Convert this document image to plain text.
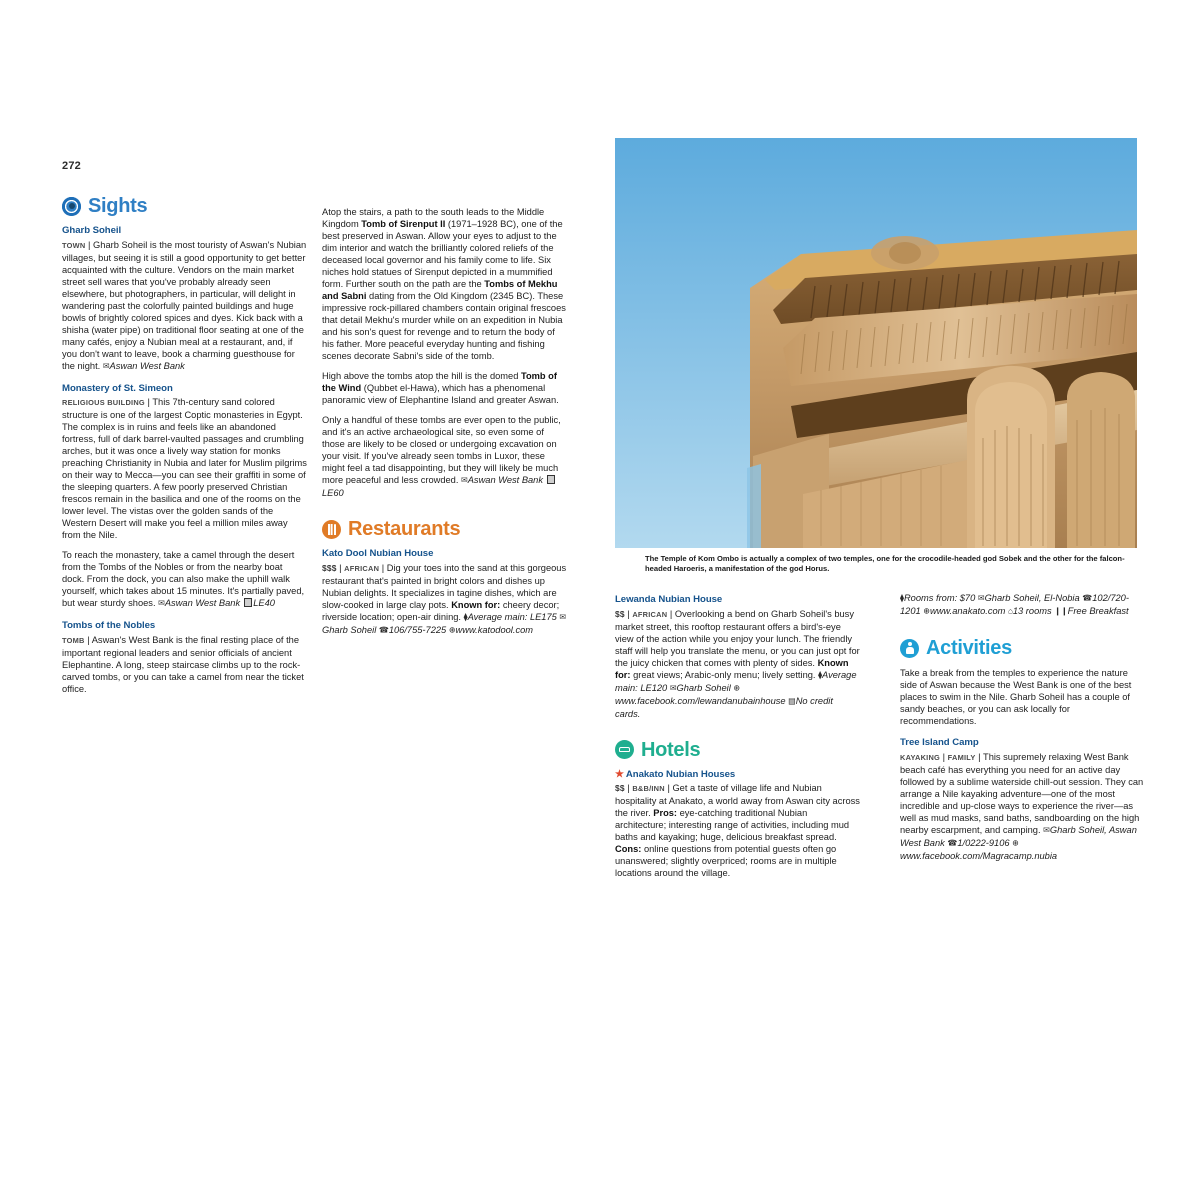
272
The Temple of Kom Ombo is actually a complex of two temples, one for the crocodile-headed god Sobek and the other for the falcon-headed Haroeris, a manifestation of the god Horus.
Sights
Gharb Soheil

TOWN | Gharb Soheil is the most touristy of Aswan's Nubian villages, but seeing it is still a good opportunity to get better acquainted with the culture. Vendors on the main market street sell wares that you've probably already seen elsewhere, but photographers, in particular, will delight in wandering past the colorfully painted buildings and huge bowls of brightly colored spices and dyes. Kick back with a shisha (water pipe) on traditional floor seating at one of the many cafés, enjoy a Nubian meal at a restaurant, and, if you don't want to leave, book a charming guesthouse for the night. ✉Aswan West Bank

Monastery of St. Simeon

RELIGIOUS BUILDING | This 7th-century sand colored structure is one of the largest Coptic monasteries in Egypt. The complex is in ruins and feels like an abandoned fortress, full of dark barrel-vaulted passages and crumbling arches, but it was once a lively way station for monks preaching Christianity in Nubia and later for Muslim pilgrims on their way to Mecca—you can see their graffiti in some of the sleeping quarters. A few poorly preserved Christian frescos remain in the basilica and one of the rooms on the lower level. The vistas over the golden sands of the Western Desert will make you feel a million miles away from the Nile.

To reach the monastery, take a camel through the desert from the Tombs of the Nobles or from the nearby boat dock. From the dock, you can also make the uphill walk yourself, which takes about 15 minutes. It's partially paved, but wear sturdy shoes. ✉Aswan West Bank LE40

Tombs of the Nobles

TOMB | Aswan's West Bank is the final resting place of the important regional leaders and senior officials of ancient Elephantine. A long, steep staircase climbs up to the rock-carved tombs, or you can take a camel from near the ticket office.

Atop the stairs, a path to the south leads to the Middle Kingdom Tomb of Sirenput II (1971–1928 BC), one of the best preserved in Aswan. Allow your eyes to adjust to the dim interior and watch the brilliantly colored reliefs of the deceased local governor and his family come to life. Six niches hold statues of Sirenput depicted in a mummified form. Further south on the path are the Tombs of Mekhu and Sabni dating from the Old Kingdom (2345 BC). These impressive rock-pillared chambers contain original frescoes that detail Mekhu's murder while on an expedition in Nubia and his son's quest for revenge and to return the body of his father. More peaceful everyday hunting and fishing scenes decorate Sabni's side of the tomb.

High above the tombs atop the hill is the domed Tomb of the Wind (Qubbet el-Hawa), which has a phenomenal panoramic view of Elephantine Island and greater Aswan.

Only a handful of these tombs are ever open to the public, and it's an active archaeological site, so even some of those are likely to be closed or undergoing excavation on your visit. If you've already seen tombs in Luxor, these might feel a tad disappointing, but they will likely be much more peaceful and less crowded. ✉Aswan West Bank LE60

Restaurants
Kato Dool Nubian House

$$$ | AFRICAN | Dig your toes into the sand at this gorgeous restaurant that's painted in bright colors and dishes up Nubian delights. It specializes in tagine dishes, which are slow-cooked in large clay pots. Known for: cheery decor; riverside location; open-air dining. ⧫Average main: LE175 ✉Gharb Soheil ☎106/755-7225 ⊕www.katodool.com

Lewanda Nubian House

$$ | AFRICAN | Overlooking a bend on Gharb Soheil's busy market street, this rooftop restaurant offers a bird's-eye view of the action while you enjoy your lunch. The friendly staff will help you translate the menu, or you can just opt for the juicy chicken that comes with plenty of sides. Known for: great views; Arabic-only menu; lively setting. ⧫Average main: LE120 ✉Gharb Soheil ⊕www.facebook.com/lewandanubainhouse ▤No credit cards.

Hotels
★ Anakato Nubian Houses

$$ | B&B/INN | Get a taste of village life and Nubian hospitality at Anakato, a world away from Aswan city across the river. Pros: eye-catching traditional Nubian architecture; interesting range of activities, including mud baths and kayaking; huge, delicious breakfast spread. Cons: online questions from potential guests often go unanswered; slightly overpriced; rooms are in multiple locations around the village.

⧫Rooms from: $70 ✉Gharb Soheil, El-Nobia ☎102/720-1201 ⊕www.anakato.com ⌂13 rooms ❙❙Free Breakfast

Activities

Take a break from the temples to experience the nature side of Aswan because the West Bank is one of the best places to swim in the Nile. Gharb Soheil has a couple of sandy beaches, or you can ask locally for recommendations.

Tree Island Camp

KAYAKING | FAMILY | This supremely relaxing West Bank beach café has everything you need for an active day followed by a sublime waterside chill-out session. They can arrange a Nile kayaking adventure—one of the most incredible and up-close ways to experience the river—as well as mud masks, sand baths, sandboarding on the high nearby escarpment, and camping. ✉Gharb Soheil, Aswan West Bank ☎1/0222-9106 ⊕www.facebook.com/Magracamp.nubia
